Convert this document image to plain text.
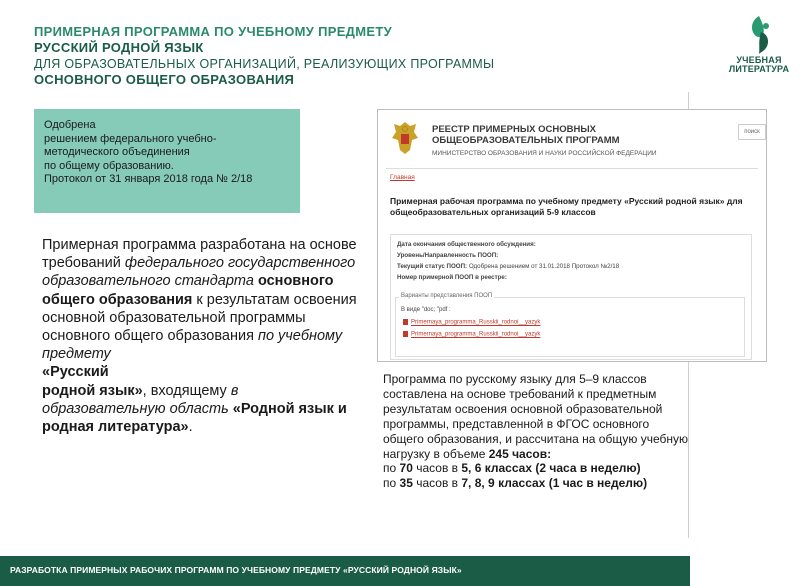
ПРИМЕРНАЯ ПРОГРАММА ПО УЧЕБНОМУ ПРЕДМЕТУ
РУССКИЙ РОДНОЙ ЯЗЫК
ДЛЯ ОБРАЗОВАТЕЛЬНЫХ ОРГАНИЗАЦИЙ, РЕАЛИЗУЮЩИХ ПРОГРАММЫ
ОСНОВНОГО ОБЩЕГО ОБРАЗОВАНИЯ
УЧЕБНАЯ
ЛИТЕРАТУРА
Одобрена
решением федерального учебно-
методического объединения
по общему образованию.
Протокол от 31 января 2018 года № 2/18
Примерная программа разработана на основе требований федерального государственного образовательного стандарта основного общего образования к результатам освоения основной образовательной программы основного общего образования по учебному предмету
«Русский
родной язык», входящему в образовательную область «Родной язык и родная литература».
РЕЕСТР ПРИМЕРНЫХ ОСНОВНЫХ
ОБЩЕОБРАЗОВАТЕЛЬНЫХ ПРОГРАММ
МИНИСТЕРСТВО ОБРАЗОВАНИЯ И НАУКИ РОССИЙСКОЙ ФЕДЕРАЦИИ
поиск
Главная
Примерная рабочая программа по учебному предмету «Русский родной язык» для общеобразовательных организаций 5-9 классов
Дата окончания общественного обсуждения:
Уровень/Направленность ПООП:
Текущий статус ПООП: Одобрена решением от 31.01.2018 Протокол №2/18
Номер примерной ПООП в реестре:
Варианты представления ПООП
В виде "doc; "pdf :
Primernaya_programma_Russkii_rodnoi__yazyk
Primernaya_programma_Russkii_rodnoi__yazyk
Программа по русскому языку для 5–9 классов
составлена на основе требований к предметным
результатам освоения основной образовательной
программы, представленной в ФГОС основного
общего образования, и рассчитана на общую учебную
нагрузку в объеме 245 часов:
по 70 часов в 5, 6 классах (2 часа в неделю)
по 35 часов в 7, 8, 9 классах (1 час в неделю)
РАЗРАБОТКА ПРИМЕРНЫХ РАБОЧИХ ПРОГРАММ ПО УЧЕБНОМУ ПРЕДМЕТУ «РУССКИЙ РОДНОЙ ЯЗЫК»
